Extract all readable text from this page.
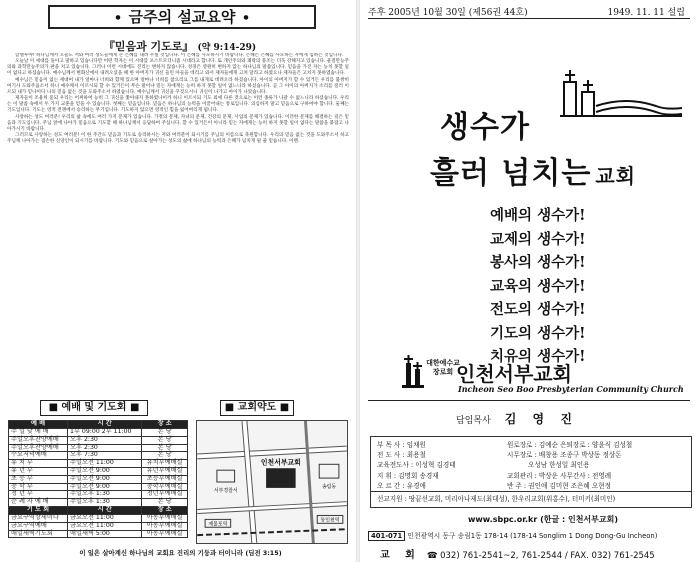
● 금주의 설교요약 ●
『믿음과 기도로』 (약 9:14-29)

할렐루야! 하나님께서 오늘도 저와 여러 성도들에게 큰 은혜를 내려 주실 것입니다. 이 은혜를 사모하시기 바랍니다. 은혜는 은혜를 사모하는 자에게 임하는 것입니다.

오늘날 이 세대를 돌아고 말하고 있습니다만 어떤 학자는 이 시대를 포스트모더니즘 시대라고 합니다. 또 개인주의와 쾌락의 풍조는 더욱 강해지고 있습니다. 물질만능주의와 과학만능주의가 판을 치고 있습니다. 그러나 이런 시대에도 진리는 변하지 않습니다. 성경은 영원히 변하지 않는 하나님의 말씀입니다. 믿음을 가진 자는 능치 못할 일이 없다고 하셨습니다. 예수님께서 변화산에서 내려오셨을 때 한 아버지가 귀신 들린 아들을 데리고 와서 제자들에게 고쳐 달라고 하였으나 제자들은 고치지 못하였습니다.

예수님은 믿음이 없는 세대여 내가 얼마나 너희와 함께 있으며 얼마나 너희를 참으리요 그를 내게로 데려오라 하셨습니다. 아이의 아버지가 할 수 있거든 우리를 불쌍히 여기사 도와주옵소서 하니 예수께서 이르시되 할 수 있거든이 무슨 말이냐 믿는 자에게는 능히 하지 못할 일이 없느니라 하셨습니다. 곧 그 아이의 아버지가 소리를 질러 이르되 내가 믿나이다 나의 믿음 없는 것을 도와주소서 하였습니다. 예수님께서 귀신을 꾸짖으시니 귀신이 나가고 아이가 나았습니다.

제자들이 조용히 묻되 우리는 어찌하여 능히 그 귀신을 쫓아내지 못하였나이까 하니 이르시되 기도 외에 다른 것으로는 이런 종류가 나갈 수 없느니라 하셨습니다. 우리는 이 말씀 속에서 두 가지 교훈을 얻을 수 있습니다. 첫째는 믿음입니다. 믿음은 하나님의 능력을 이끌어내는 통로입니다. 의심하지 말고 믿음으로 구하여야 합니다. 둘째는 기도입니다. 기도는 영적 전쟁에서 승리하는 무기입니다. 기도하지 않으면 영적인 힘을 잃어버리게 됩니다.

사랑하는 성도 여러분! 우리의 삶 속에도 여러 가지 문제가 있습니다. 가정의 문제, 자녀의 문제, 건강의 문제, 사업의 문제가 있습니다. 이러한 문제를 해결하는 길은 믿음과 기도입니다. 주님 앞에 나아가 믿음으로 기도할 때 하나님께서 응답하여 주십니다. 할 수 있거든이 아니라 믿는 자에게는 능히 하지 못할 일이 없다는 말씀을 붙잡고 나아가시기 바랍니다.

그러므로 사랑하는 성도 여러분! 이 한 주간도 믿음과 기도로 승리하시는 저와 여러분이 되시기를 주님의 이름으로 축원합니다. 우리의 믿음 없는 것을 도와주소서 하고 주님께 나아가는 겸손한 신앙인이 되시기를 바랍니다. 기도와 믿음으로 살아가는 성도의 삶에 하나님의 능력과 은혜가 넘치게 될 줄 믿습니다. 아멘.

■ 예배 및 기도회 ■	■ 교회약도 ■
예 배	시 간	장 소
주 일 낮 예 배	1부 09:00 2부 11:00	본 당
주일오후찬양예배	오후 2:30	본 당
주일오후찬양예배	오후 2:30	본 당
수요저녁예배	오후 7:30	본 당
유 치 부	주일오전 11:00	유치부예배실
유 년 부	주일오전 9:00	유년부예배실
초 등 부	주일오전 9:00	초등부예배실
중 학 부	주일오전 9:00	중학부예배실
청 년 부	주일오후 1:30	청년부예배실
순 례 자 예 배	주일오후 1:30	본 당
기 도 회	시 간	장 소
금요구역장세미나	금요오전 11:00	아동부예배실
금요구역예배	금요오전 11:00	아동부예배실
매일새벽기도회	매일새벽 5:00	아동부예배실
인천서부교회
서부경찰서
송림동
제물포역
동인천역
이 일은 살아계신 하나님의 교회요 진리의 기둥과 터이니라 (딤전 3:15)
주후 2005년 10월 30일 (제56권 44호)	1949. 11. 11 설립
생수가
흘러 넘치는 교회
예배의 생수가!
교제의 생수가!
봉사의 생수가!
교육의 생수가!
전도의 생수가!
기도의 생수가!
치유의 생수가!
대한예수교 장로회 인천서부교회
Incheon Seo Boo Presbyterian Community Church
담임목사 김 영 진
부 목 사 : 임채원
전 도 사 : 최용철
교육전도사 : 이성혁 김경태
지 휘 : 김명회 송경재
오 르 간 : 유경애
원로장로 : 김예순 은퇴장로 : 양윤식 김성철
시무장로 : 배창용 조종구 박상동 정상돈
오성남 한성일 최인용
교회관리 : 박상운 사무간사 : 전영례
반 주 : 권인애 김미현 조은혜 오현정
선교지원 : 땅끝선교회, 미리아나제도(최대성), 한우리교회(위홍수), 터미키(최미인)
www.sbpc.or.kr (한글 : 인천서부교회)
401-071 인천광역시 동구 송림1동 178-14 (178-14 Songlim 1 Dong Dong-Gu Incheon)
교 회 ☎ 032) 761-2541~2, 761-2544 / FAX. 032) 761-2545
